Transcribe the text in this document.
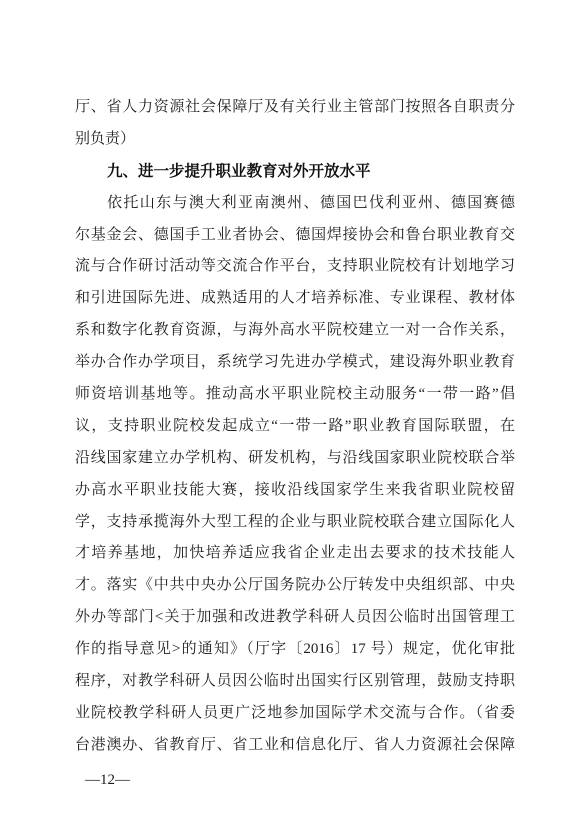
厅、省人力资源社会保障厅及有关行业主管部门按照各自职责分
别负责）
九、进一步提升职业教育对外开放水平
依托山东与澳大利亚南澳州、德国巴伐利亚州、德国赛德
尔基金会、德国手工业者协会、德国焊接协会和鲁台职业教育交
流与合作研讨活动等交流合作平台，支持职业院校有计划地学习
和引进国际先进、成熟适用的人才培养标准、专业课程、教材体
系和数字化教育资源，与海外高水平院校建立一对一合作关系，
举办合作办学项目，系统学习先进办学模式，建设海外职业教育
师资培训基地等。推动高水平职业院校主动服务“一带一路”倡
议，支持职业院校发起成立“一带一路”职业教育国际联盟，在
沿线国家建立办学机构、研发机构，与沿线国家职业院校联合举
办高水平职业技能大赛，接收沿线国家学生来我省职业院校留
学，支持承揽海外大型工程的企业与职业院校联合建立国际化人
才培养基地，加快培养适应我省企业走出去要求的技术技能人
才。落实《中共中央办公厅国务院办公厅转发中央组织部、中央
外办等部门<关于加强和改进教学科研人员因公临时出国管理工
作的指导意见>的通知》（厅字〔2016〕17 号）规定，优化审批
程序，对教学科研人员因公临时出国实行区别管理，鼓励支持职
业院校教学科研人员更广泛地参加国际学术交流与合作。（省委
台港澳办、省教育厅、省工业和信息化厅、省人力资源社会保障
—12—
